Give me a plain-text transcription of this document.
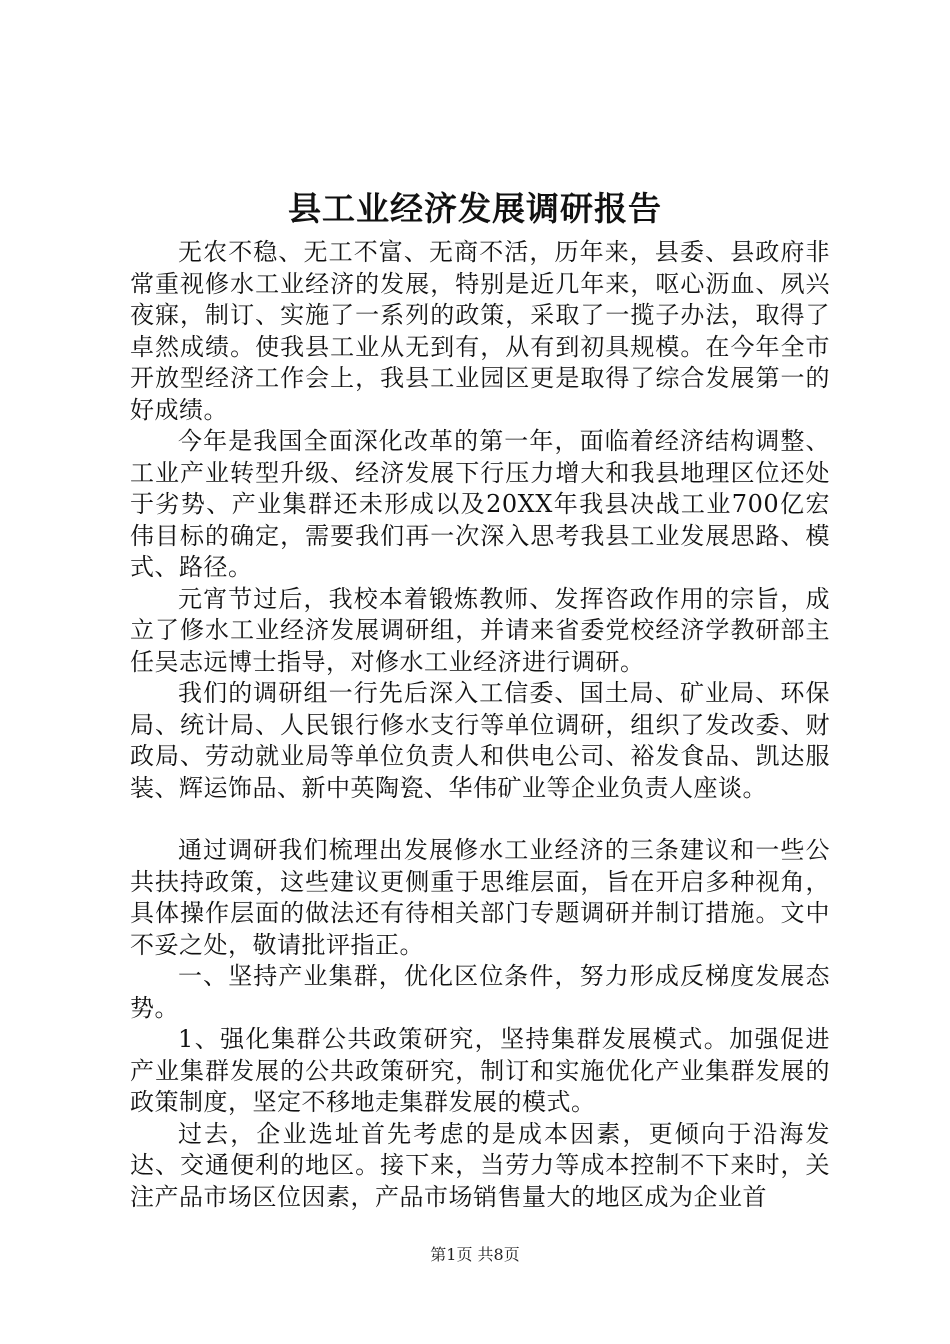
县工业经济发展调研报告

无农不稳、无工不富、无商不活，历年来，县委、县政府非常重视修水工业经济的发展，特别是近几年来，呕心沥血、夙兴夜寐，制订、实施了一系列的政策，采取了一揽子办法，取得了卓然成绩。使我县工业从无到有，从有到初具规模。在今年全市开放型经济工作会上，我县工业园区更是取得了综合发展第一的好成绩。

今年是我国全面深化改革的第一年，面临着经济结构调整、工业产业转型升级、经济发展下行压力增大和我县地理区位还处于劣势、产业集群还未形成以及20XX年我县决战工业700亿宏伟目标的确定，需要我们再一次深入思考我县工业发展思路、模式、路径。

元宵节过后，我校本着锻炼教师、发挥咨政作用的宗旨，成立了修水工业经济发展调研组，并请来省委党校经济学教研部主任吴志远博士指导，对修水工业经济进行调研。

我们的调研组一行先后深入工信委、国土局、矿业局、环保局、统计局、人民银行修水支行等单位调研，组织了发改委、财政局、劳动就业局等单位负责人和供电公司、裕发食品、凯达服装、辉运饰品、新中英陶瓷、华伟矿业等企业负责人座谈。

通过调研我们梳理出发展修水工业经济的三条建议和一些公共扶持政策，这些建议更侧重于思维层面，旨在开启多种视角，具体操作层面的做法还有待相关部门专题调研并制订措施。文中不妥之处，敬请批评指正。

一、坚持产业集群，优化区位条件，努力形成反梯度发展态势。

1、强化集群公共政策研究，坚持集群发展模式。加强促进产业集群发展的公共政策研究，制订和实施优化产业集群发展的政策制度，坚定不移地走集群发展的模式。

过去，企业选址首先考虑的是成本因素，更倾向于沿海发达、交通便利的地区。接下来，当劳力等成本控制不下来时，关注产品市场区位因素，产品市场销售量大的地区成为企业首

第1页 共8页
